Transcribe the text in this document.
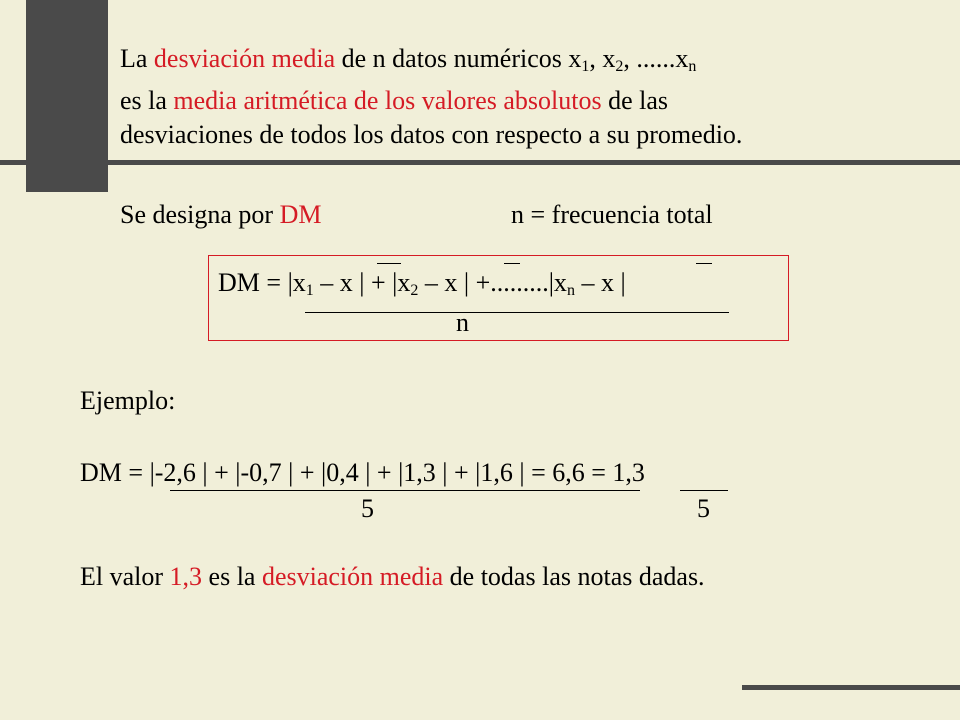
La desviación media de n datos numéricos $x_1$, $x_2$, $......x_n$
es la media aritmética de los valores absolutos de las
desviaciones de todos los datos con respecto a su promedio.
Se designa por DM	n = frecuencia total
DM = $|x_1$ – x | + $|x_2$ – x | $+.........|x_n - x$ |
n
Ejemplo:
DM = |-2,6 | + |-0,7 | + |0,4 | + |1,3 | + |1,6 | = 6,6 = 1,3
5	5
El valor 1,3 es la desviación media de todas las notas dadas.
